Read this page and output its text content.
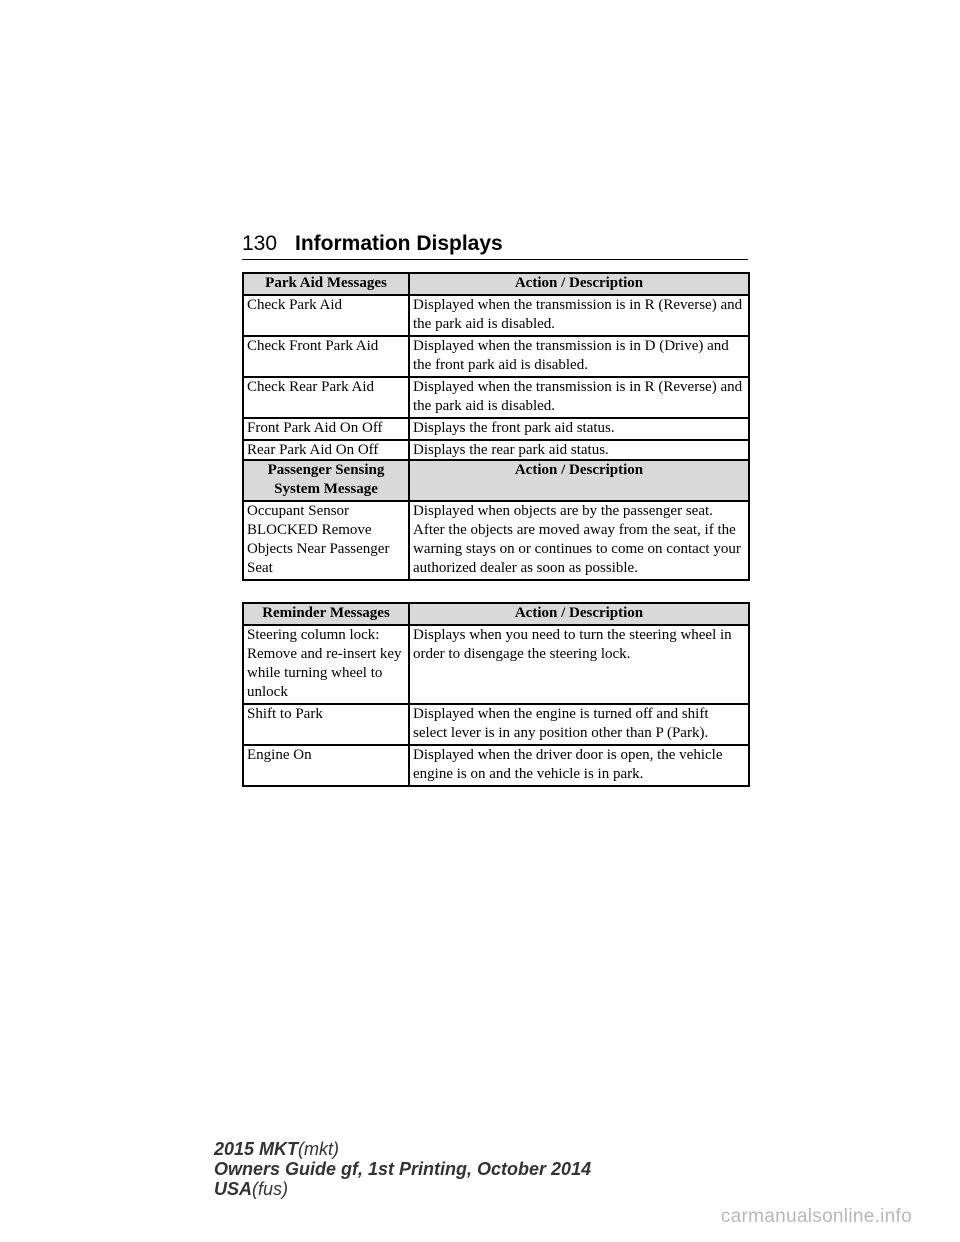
130 Information Displays
Park Aid Messages	Action / Description
Check Park Aid	Displayed when the transmission is in R (Reverse) and the park aid is disabled.
Check Front Park Aid	Displayed when the transmission is in D (Drive) and the front park aid is disabled.
Check Rear Park Aid	Displayed when the transmission is in R (Reverse) and the park aid is disabled.
Front Park Aid On Off	Displays the front park aid status.
Rear Park Aid On Off	Displays the rear park aid status.
Passenger Sensing System Message	Action / Description
Occupant Sensor BLOCKED Remove Objects Near Passenger Seat	Displayed when objects are by the passenger seat. After the objects are moved away from the seat, if the warning stays on or continues to come on contact your authorized dealer as soon as possible.
Reminder Messages	Action / Description
Steering column lock: Remove and re-insert key while turning wheel to unlock	Displays when you need to turn the steering wheel in order to disengage the steering lock.
Shift to Park	Displayed when the engine is turned off and shift select lever is in any position other than P (Park).
Engine On	Displayed when the driver door is open, the vehicle engine is on and the vehicle is in park.
2015 MKT(mkt)
Owners Guide gf, 1st Printing, October 2014
USA(fus)
carmanualsonline.info
